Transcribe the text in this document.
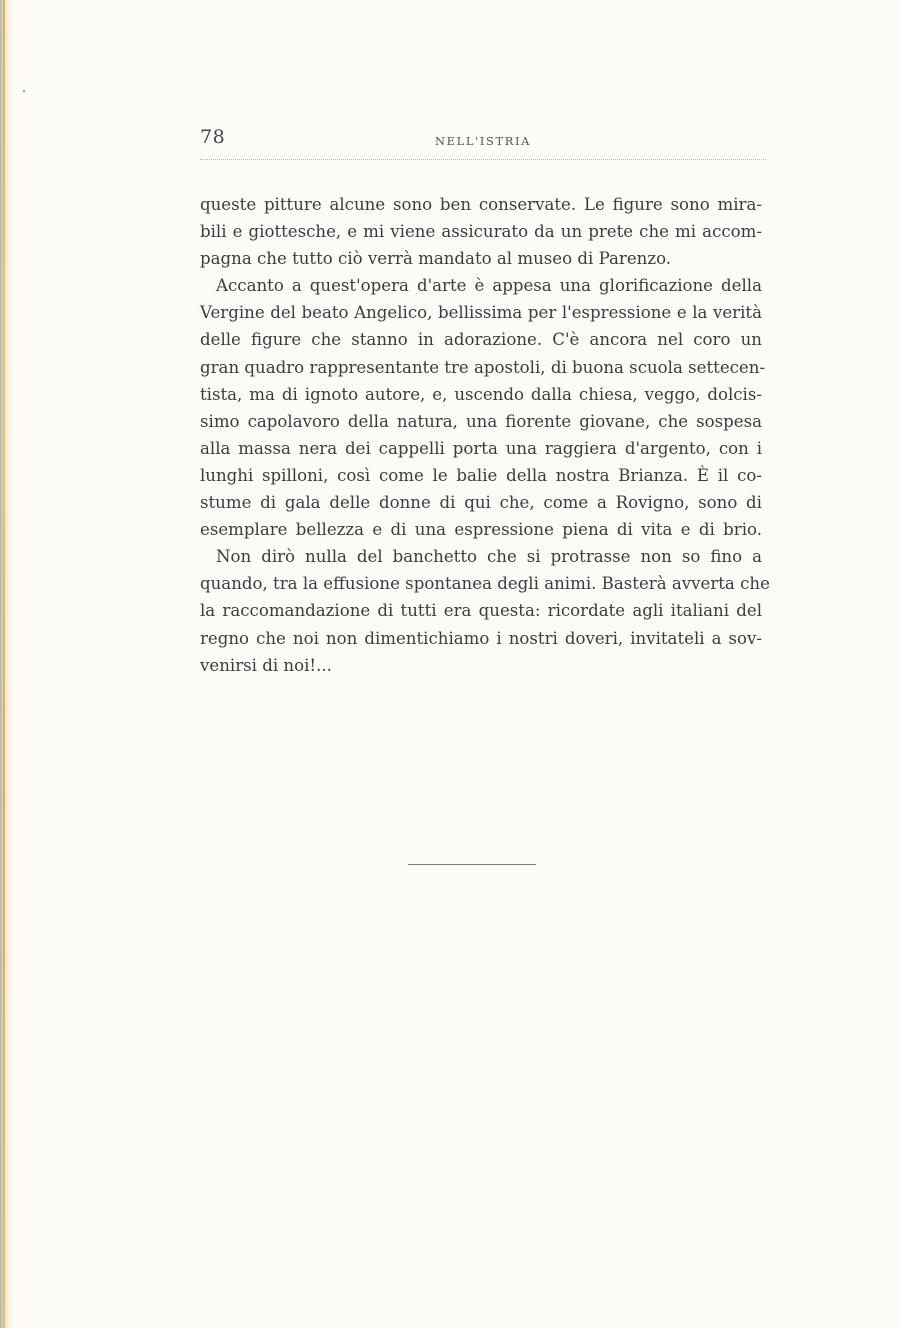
78	NELL'ISTRIA
queste pitture alcune sono ben conservate. Le figure sono mira-
bili e giottesche, e mi viene assicurato da un prete che mi accom-
pagna che tutto ciò verrà mandato al museo di Parenzo.
Accanto a quest'opera d'arte è appesa una glorificazione della
Vergine del beato Angelico, bellissima per l'espressione e la verità
delle figure che stanno in adorazione. C'è ancora nel coro un
gran quadro rappresentante tre apostoli, di buona scuola settecen-
tista, ma di ignoto autore, e, uscendo dalla chiesa, veggo, dolcis-
simo capolavoro della natura, una fiorente giovane, che sospesa
alla massa nera dei cappelli porta una raggiera d'argento, con i
lunghi spilloni, così come le balie della nostra Brianza. È il co-
stume di gala delle donne di qui che, come a Rovigno, sono di
esemplare bellezza e di una espressione piena di vita e di brio.
Non dirò nulla del banchetto che si protrasse non so fino a
quando, tra la effusione spontanea degli animi. Basterà avverta che
la raccomandazione di tutti era questa: ricordate agli italiani del
regno che noi non dimentichiamo i nostri doveri, invitateli a sov-
venirsi di noi!...
